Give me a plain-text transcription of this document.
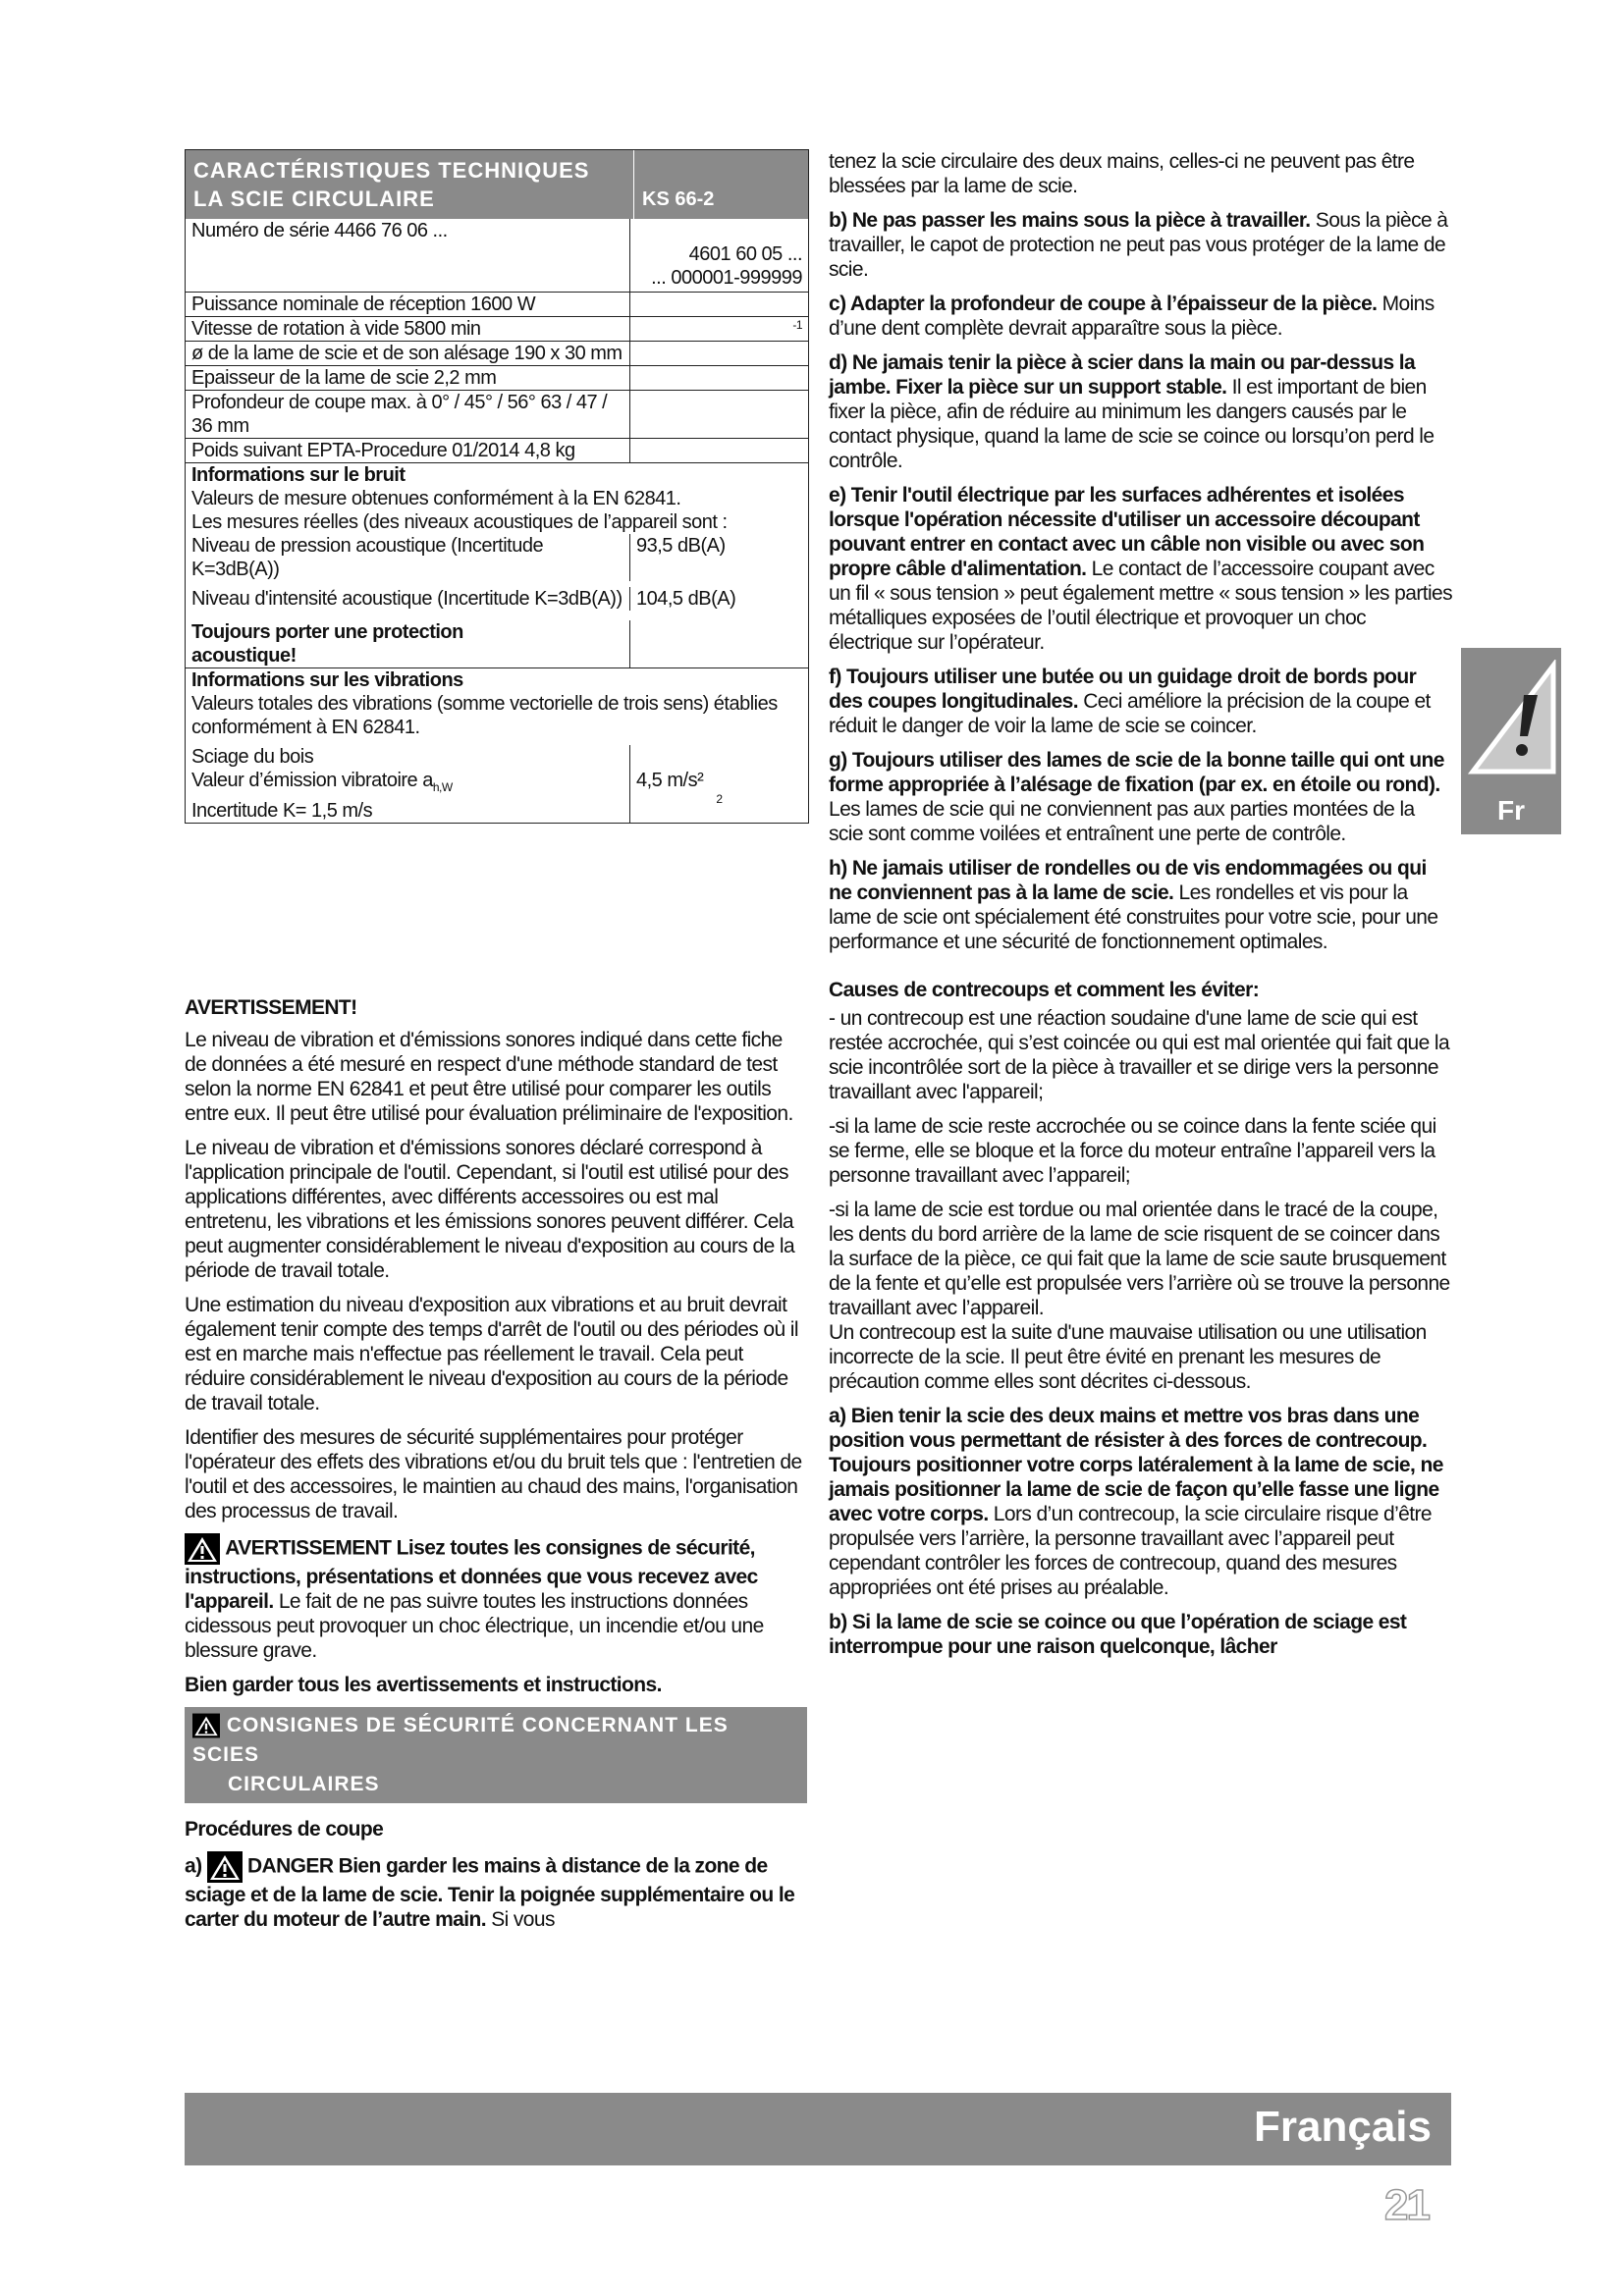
CARACTÉRISTIQUES TECHNIQUES
LA SCIE CIRCULAIRE	KS 66-2
Numéro de série 4466 76 06 ...
4601 60 05 ...
... 000001-999999
Puissance nominale de réception 1600 W
Vitesse de rotation à vide 5800 min	-1
ø de la lame de scie et de son alésage 190 x 30 mm
Epaisseur de la lame de scie 2,2 mm
Profondeur de coupe max. à 0° / 45° / 56° 63 / 47 / 36 mm
Poids suivant EPTA-Procedure 01/2014 4,8 kg
Informations sur le bruit
Valeurs de mesure obtenues conformément à la EN 62841.
Les mesures réelles (des niveaux acoustiques de l’appareil sont :
Niveau de pression acoustique (Incertitude K=3dB(A))
93,5 dB(A)
Niveau d'intensité acoustique (Incertitude K=3dB(A)) 104,5 dB(A)
Toujours porter une protection acoustique!
Informations sur les vibrations
Valeurs totales des vibrations (somme vectorielle de trois sens) établies conformément à EN 62841.
Sciage du bois
Valeur d’émission vibratoire $a_{h,W}$
Incertitude K= 1,5 m/s
4,5 m/s²
2
AVERTISSEMENT!
Le niveau de vibration et d'émissions sonores indiqué dans cette fiche de données a été mesuré en respect d'une méthode standard de test selon la norme EN 62841 et peut être utilisé pour comparer les outils entre eux. Il peut être utilisé pour évaluation préliminaire de l'exposition.
Le niveau de vibration et d'émissions sonores déclaré correspond à l'application principale de l'outil. Cependant, si l'outil est utilisé pour des applications différentes, avec différents accessoires ou est mal entretenu, les vibrations et les émissions sonores peuvent différer. Cela peut augmenter considérablement le niveau d'exposition au cours de la période de travail totale.
Une estimation du niveau d'exposition aux vibrations et au bruit devrait également tenir compte des temps d'arrêt de l'outil ou des périodes où il est en marche mais n'effectue pas réellement le travail. Cela peut réduire considérablement le niveau d'exposition au cours de la période de travail totale.
Identifier des mesures de sécurité supplémentaires pour protéger l'opérateur des effets des vibrations et/ou du bruit tels que : l'entretien de l'outil et des accessoires, le maintien au chaud des mains, l'organisation des processus de travail.
AVERTISSEMENT Lisez toutes les consignes de sécurité, instructions, présentations et données que vous recevez avec l'appareil. Le fait de ne pas suivre toutes les instructions données cidessous peut provoquer un choc électrique, un incendie et/ou une blessure grave.
Bien garder tous les avertissements et instructions.
CONSIGNES DE SÉCURITÉ CONCERNANT LES SCIES
CIRCULAIRES
Procédures de coupe
a) DANGER Bien garder les mains à distance de la zone de sciage et de la lame de scie. Tenir la poignée supplémentaire ou le carter du moteur de l’autre main. Si vous
tenez la scie circulaire des deux mains, celles-ci ne peuvent pas être blessées par la lame de scie.
b) Ne pas passer les mains sous la pièce à travailler. Sous la pièce à travailler, le capot de protection ne peut pas vous protéger de la lame de scie.
c) Adapter la profondeur de coupe à l’épaisseur de la pièce. Moins d’une dent complète devrait apparaître sous la pièce.
d) Ne jamais tenir la pièce à scier dans la main ou par-dessus la jambe. Fixer la pièce sur un support stable. Il est important de bien fixer la pièce, afin de réduire au minimum les dangers causés par le contact physique, quand la lame de scie se coince ou lorsqu’on perd le contrôle.
e) Tenir l'outil électrique par les surfaces adhérentes et isolées lorsque l'opération nécessite d'utiliser un accessoire découpant pouvant entrer en contact avec un câble non visible ou avec son propre câble d'alimentation. Le contact de l’accessoire coupant avec un fil « sous tension » peut également mettre « sous tension » les parties métalliques exposées de l’outil électrique et provoquer un choc électrique sur l’opérateur.
f) Toujours utiliser une butée ou un guidage droit de bords pour des coupes longitudinales. Ceci améliore la précision de la coupe et réduit le danger de voir la lame de scie se coincer.
g) Toujours utiliser des lames de scie de la bonne taille qui ont une forme appropriée à l’alésage de fixation (par ex. en étoile ou rond). Les lames de scie qui ne conviennent pas aux parties montées de la scie sont comme voilées et entraînent une perte de contrôle.
h) Ne jamais utiliser de rondelles ou de vis endommagées ou qui ne conviennent pas à la lame de scie. Les rondelles et vis pour la lame de scie ont spécialement été construites pour votre scie, pour une performance et une sécurité de fonctionnement optimales.
Causes de contrecoups et comment les éviter:
- un contrecoup est une réaction soudaine d'une lame de scie qui est restée accrochée, qui s’est coincée ou qui est mal orientée qui fait que la scie incontrôlée sort de la pièce à travailler et se dirige vers la personne travaillant avec l'appareil;
-si la lame de scie reste accrochée ou se coince dans la fente sciée qui se ferme, elle se bloque et la force du moteur entraîne l’appareil vers la personne travaillant avec l’appareil;
-si la lame de scie est tordue ou mal orientée dans le tracé de la coupe, les dents du bord arrière de la lame de scie risquent de se coincer dans la surface de la pièce, ce qui fait que la lame de scie saute brusquement de la fente et qu’elle est propulsée vers l’arrière où se trouve la personne travaillant avec l’appareil.
Un contrecoup est la suite d'une mauvaise utilisation ou une utilisation incorrecte de la scie. Il peut être évité en prenant les mesures de précaution comme elles sont décrites ci-dessous.
a) Bien tenir la scie des deux mains et mettre vos bras dans une position vous permettant de résister à des forces de contrecoup. Toujours positionner votre corps latéralement à la lame de scie, ne jamais positionner la lame de scie de façon qu’elle fasse une ligne avec votre corps. Lors d’un contrecoup, la scie circulaire risque d’être propulsée vers l’arrière, la personne travaillant avec l’appareil peut cependant contrôler les forces de contrecoup, quand des mesures appropriées ont été prises au préalable.
b) Si la lame de scie se coince ou que l’opération de sciage est interrompue pour une raison quelconque, lâcher
Fr
Français
21
